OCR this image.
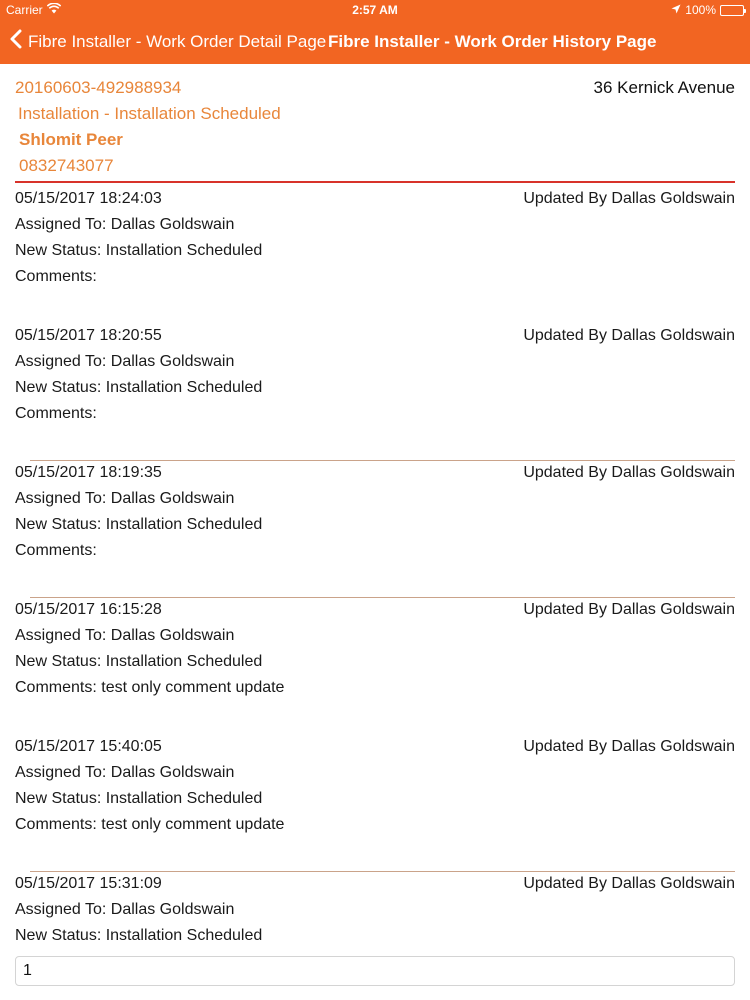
Carrier	2:57 AM	100%
Fibre Installer - Work Order Detail Page Fibre Installer - Work Order History Page
20160603-492988934
Installation - Installation Scheduled
Shlomit Peer
0832743077
36 Kernick Avenue
05/15/2017 18:24:03	Updated By Dallas Goldswain
Assigned To: Dallas Goldswain
New Status: Installation Scheduled
Comments:
05/15/2017 18:20:55	Updated By Dallas Goldswain
Assigned To: Dallas Goldswain
New Status: Installation Scheduled
Comments:
05/15/2017 18:19:35	Updated By Dallas Goldswain
Assigned To: Dallas Goldswain
New Status: Installation Scheduled
Comments:
05/15/2017 16:15:28	Updated By Dallas Goldswain
Assigned To: Dallas Goldswain
New Status: Installation Scheduled
Comments: test only comment update
05/15/2017 15:40:05	Updated By Dallas Goldswain
Assigned To: Dallas Goldswain
New Status: Installation Scheduled
Comments: test only comment update
05/15/2017 15:31:09	Updated By Dallas Goldswain
Assigned To: Dallas Goldswain
New Status: Installation Scheduled
1
